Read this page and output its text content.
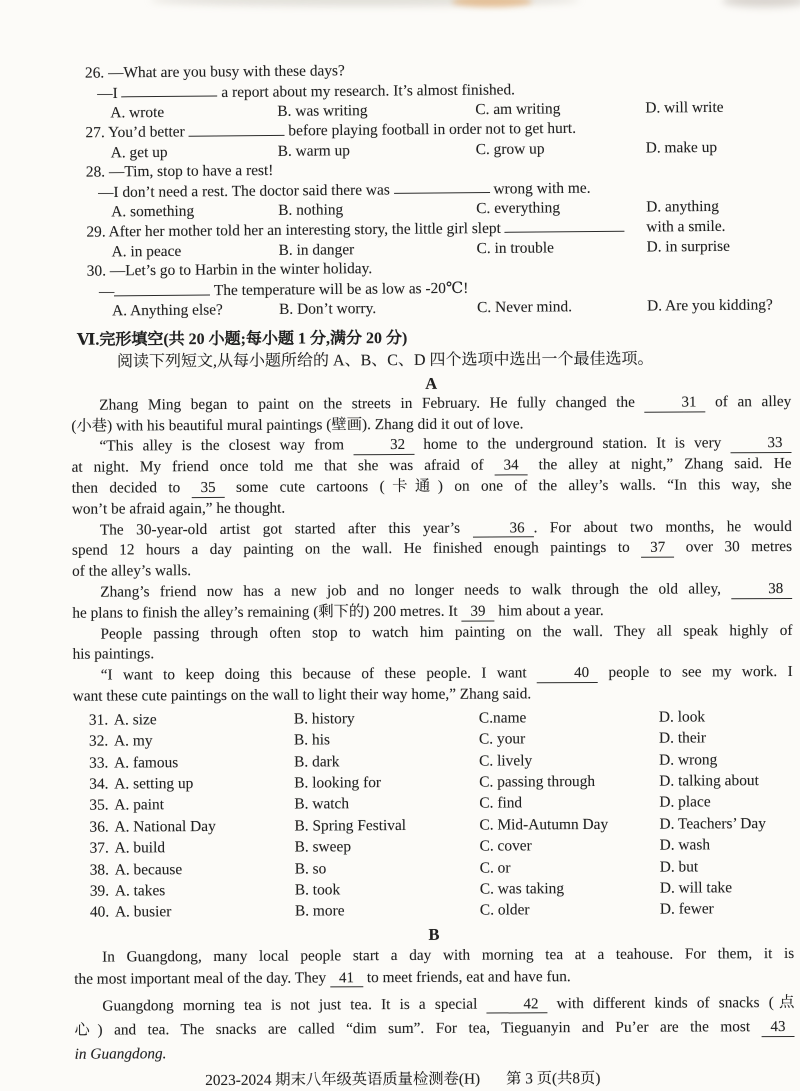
26. —What are you busy with these days?
—I	a report about my research. It’s almost finished.
A. wrote	B. was writing	C. am writing	D. will write
27. You’d better	before playing football in order not to get hurt.
A. get up	B. warm up	C. grow up	D. make up
28. —Tim, stop to have a rest!
—I don’t need a rest. The doctor said there was	wrong with me.
A. something	B. nothing	C. everything	D. anything
29. After her mother told her an interesting story, the little girl slept	with a smile.
A. in peace	B. in danger	C. in trouble	D. in surprise
30. —Let’s go to Harbin in the winter holiday.
—	The temperature will be as low as -20℃!
A. Anything else?	B. Don’t worry.	C. Never mind.	D. Are you kidding?
Ⅵ.完形填空(共 20 小题;每小题 1 分,满分 20 分)
阅读下列短文,从每小题所给的 A、B、C、D 四个选项中选出一个最佳选项。
A
Zhang Ming began to paint on the streets in February. He fully changed the 31 of an alley
(小巷) with his beautiful mural paintings (壁画). Zhang did it out of love.
“This alley is the closest way from 32 home to the underground station. It is very 33
at night. My friend once told me that she was afraid of 34 the alley at night,” Zhang said. He
then decided to 35 some cute cartoons (卡通) on one of the alley’s walls. “In this way, she
won’t be afraid again,” he thought.
The 30-year-old artist got started after this year’s 36 . For about two months, he would
spend 12 hours a day painting on the wall. He finished enough paintings to 37 over 30 metres
of the alley’s walls.
Zhang’s friend now has a new job and no longer needs to walk through the old alley, 38
he plans to finish the alley’s remaining (剩下的) 200 metres. It 39 him about a year.
People passing through often stop to watch him painting on the wall. They all speak highly of
his paintings.
“I want to keep doing this because of these people. I want 40 people to see my work. I
want these cute paintings on the wall to light their way home,” Zhang said.
31. A. size	B. history	C.name	D. look
32. A. my	B. his	C. your	D. their
33. A. famous	B. dark	C. lively	D. wrong
34. A. setting up	B. looking for	C. passing through	D. talking about
35. A. paint	B. watch	C. find	D. place
36. A. National Day	B. Spring Festival	C. Mid-Autumn Day	D. Teachers’ Day
37. A. build	B. sweep	C. cover	D. wash
38. A. because	B. so	C. or	D. but
39. A. takes	B. took	C. was taking	D. will take
40. A. busier	B. more	C. older	D. fewer
B
In Guangdong, many local people start a day with morning tea at a teahouse. For them, it is
the most important meal of the day. They 41 to meet friends, eat and have fun.
Guangdong morning tea is not just tea. It is a special 42 with different kinds of snacks (点
心) and tea. The snacks are called “dim sum”. For tea, Tieguanyin and Pu’er are the most 43
in Guangdong.
2023-2024 期末八年级英语质量检测卷(H) 第 3 页(共8页)
